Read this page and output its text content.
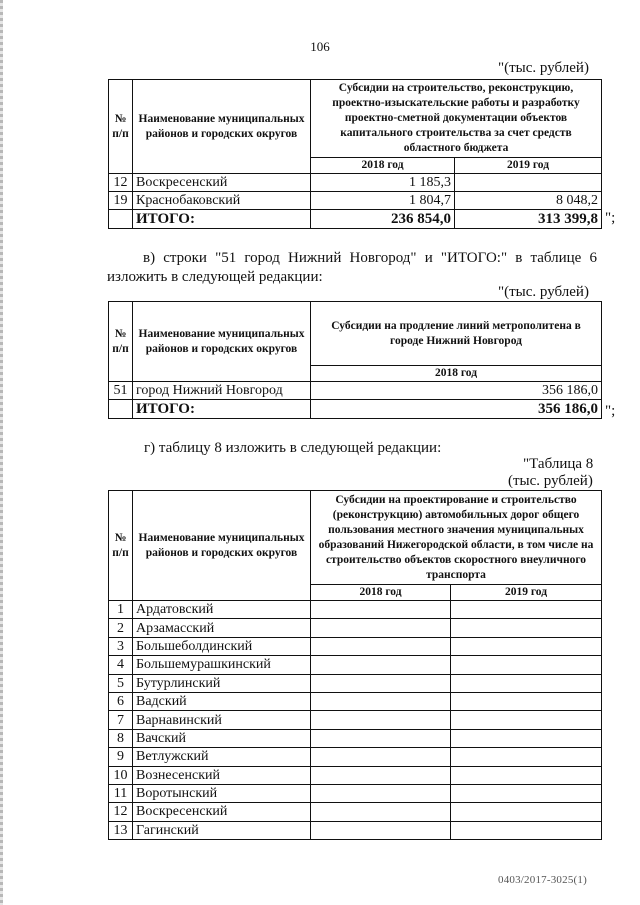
106
"(тыс. рублей)
№ п/п	Наименование муниципальных районов и городских округов	Субсидии на строительство, реконструкцию, проектно-изыскательские работы и разработку проектно-сметной документации объектов капитального строительства за счет средств областного бюджета	
		2018 год	2019 год
12	Воскресенский	1 185,3	
19	Краснобаковский	1 804,7	8 048,2
	ИТОГО:	236 854,0	313 399,8 ";
в) строки "51 город Нижний Новгород" и "ИТОГО:" в таблице 6 изложить в следующей редакции:
"(тыс. рублей)
№ п/п	Наименование муниципальных районов и городских округов	Субсидии на продление линий метрополитена в городе Нижний Новгород
		2018 год
51	город Нижний Новгород	356 186,0
	ИТОГО:	356 186,0 ";
г) таблицу 8 изложить в следующей редакции:
"Таблица 8
(тыс. рублей)
№ п/п	Наименование муниципальных районов и городских округов	Субсидии на проектирование и строительство (реконструкцию) автомобильных дорог общего пользования местного значения муниципальных образований Нижегородской области, в том числе на строительство объектов скоростного внеуличного транспорта	
		2018 год	2019 год
1	Ардатовский		
2	Арзамасский		
3	Большеболдинский		
4	Большемурашкинский		
5	Бутурлинский		
6	Вадский		
7	Варнавинский		
8	Вачский		
9	Ветлужский		
10	Вознесенский		
11	Воротынский		
12	Воскресенский		
13	Гагинский		
0403/2017-3025(1)
